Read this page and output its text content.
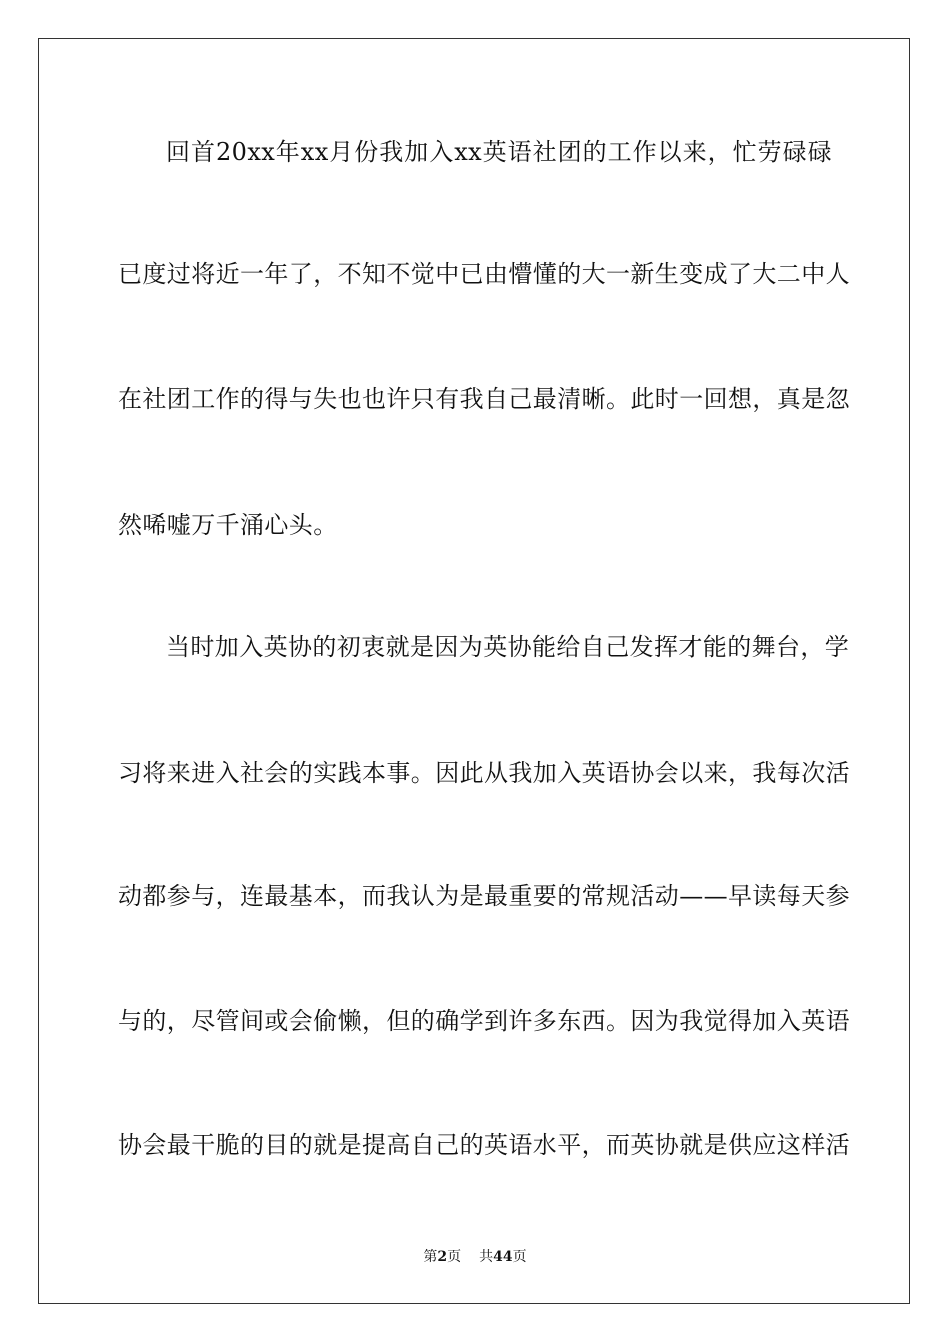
回首20xx年xx月份我加入xx英语社团的工作以来，忙劳碌碌
已度过将近一年了，不知不觉中已由懵懂的大一新生变成了大二中人
在社团工作的得与失也也许只有我自己最清晰。此时一回想，真是忽
然唏嘘万千涌心头。
当时加入英协的初衷就是因为英协能给自己发挥才能的舞台，学
习将来进入社会的实践本事。因此从我加入英语协会以来，我每次活
动都参与，连最基本，而我认为是最重要的常规活动——早读每天参
与的，尽管间或会偷懒，但的确学到许多东西。因为我觉得加入英语
协会最干脆的目的就是提高自己的英语水平，而英协就是供应这样活
第2页 共44页
